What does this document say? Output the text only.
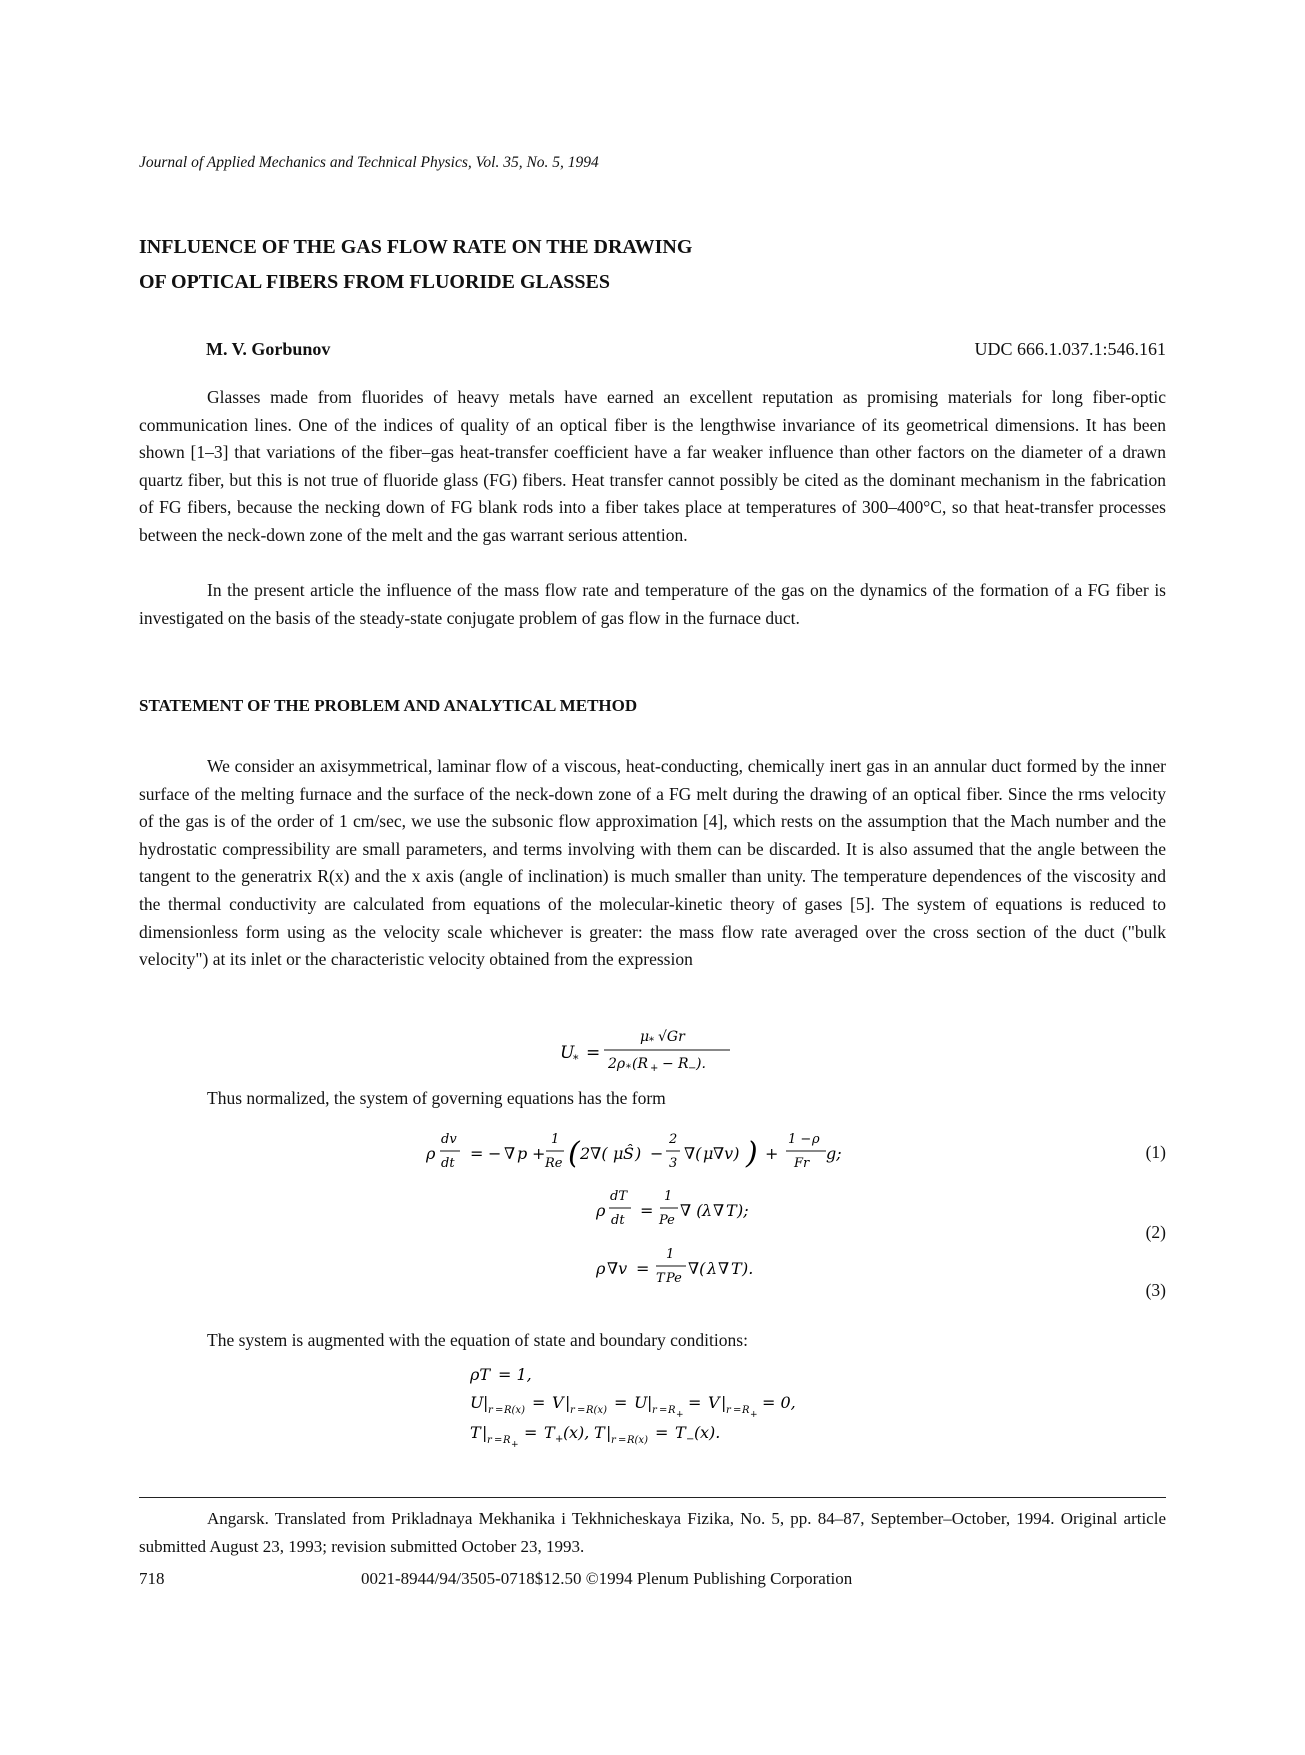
Journal of Applied Mechanics and Technical Physics, Vol. 35, No. 5, 1994
INFLUENCE OF THE GAS FLOW RATE ON THE DRAWING
OF OPTICAL FIBERS FROM FLUORIDE GLASSES
M. V. Gorbunov	UDC 666.1.037.1:546.161

Glasses made from fluorides of heavy metals have earned an excellent reputation as promising materials for long fiber-optic communication lines. One of the indices of quality of an optical fiber is the lengthwise invariance of its geometrical dimensions. It has been shown [1–3] that variations of the fiber–gas heat-transfer coefficient have a far weaker influence than other factors on the diameter of a drawn quartz fiber, but this is not true of fluoride glass (FG) fibers. Heat transfer cannot possibly be cited as the dominant mechanism in the fabrication of FG fibers, because the necking down of FG blank rods into a fiber takes place at temperatures of 300–400°C, so that heat-transfer processes between the neck-down zone of the melt and the gas warrant serious attention.

In the present article the influence of the mass flow rate and temperature of the gas on the dynamics of the formation of a FG fiber is investigated on the basis of the steady-state conjugate problem of gas flow in the furnace duct.

STATEMENT OF THE PROBLEM AND ANALYTICAL METHOD

We consider an axisymmetrical, laminar flow of a viscous, heat-conducting, chemically inert gas in an annular duct formed by the inner surface of the melting furnace and the surface of the neck-down zone of a FG melt during the drawing of an optical fiber. Since the rms velocity of the gas is of the order of 1 cm/sec, we use the subsonic flow approximation [4], which rests on the assumption that the Mach number and the hydrostatic compressibility are small parameters, and terms involving with them can be discarded. It is also assumed that the angle between the tangent to the generatrix R(x) and the x axis (angle of inclination) is much smaller than unity. The temperature dependences of the viscosity and the thermal conductivity are calculated from equations of the molecular-kinetic theory of gases [5]. The system of equations is reduced to dimensionless form using as the velocity scale whichever is greater: the mass flow rate averaged over the cross section of the duct ("bulk velocity") at its inlet or the characteristic velocity obtained from the expression

U
* =
μ * √Gr
2ρ * (R + − R − ).

Thus normalized, the system of governing equations has the form

ρ
dv
dt
= − ∇ p +
1
Re ( 2∇( μ Ŝ ) −
2
3
∇( μ ∇v) ) +
1 − ρ
Fr
g;	(1)
ρ
dT
dt
=
1
Pe
∇ ( λ ∇ T );
(2)
ρ ∇v =
1
T Pe
∇( λ ∇ T ).
(3)

The system is augmented with the equation of state and boundary conditions:

ρT = 1,
U | r = R(x) = V | r = R(x) = U | r = R +
= V | r = R +
= 0,
T | r = R +
= T + ( x ), T | r = R(x) = T − ( x ).

Angarsk. Translated from Prikladnaya Mekhanika i Tekhnicheskaya Fizika, No. 5, pp. 84–87, September–October, 1994. Original article submitted August 23, 1993; revision submitted October 23, 1993.

718	0021-8944/94/3505-0718$12.50 ©1994 Plenum Publishing Corporation
